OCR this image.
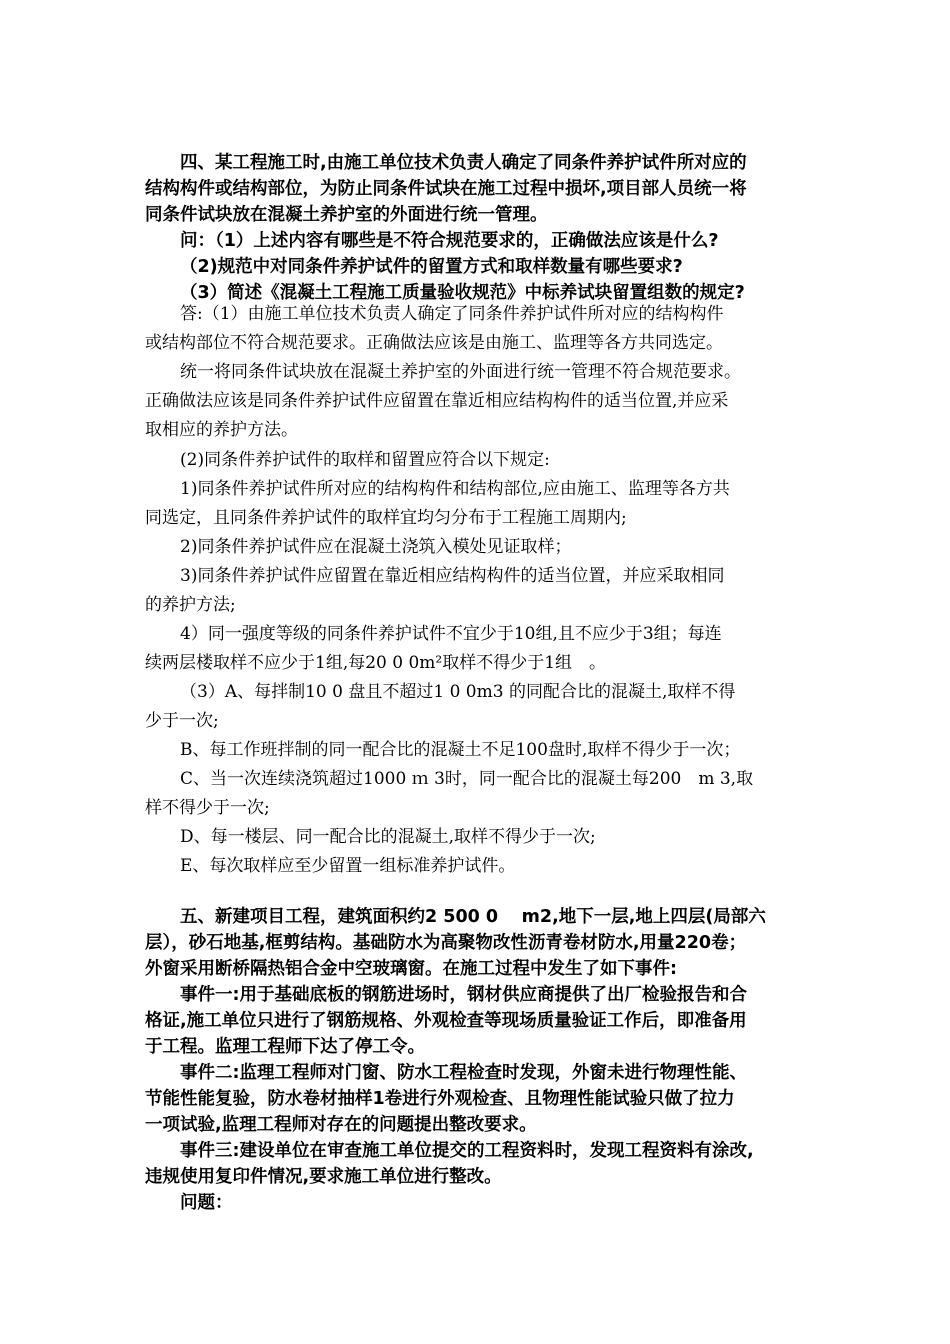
四、某工程施工时,由施工单位技术负责人确定了同条件养护试件所对应的
结构构件或结构部位，为防止同条件试块在施工过程中损坏,项目部人员统一将
同条件试块放在混凝土养护室的外面进行统一管理。
问：（1）上述内容有哪些是不符合规范要求的，正确做法应该是什么?
（2)规范中对同条件养护试件的留置方式和取样数量有哪些要求?
（3）简述《混凝土工程施工质量验收规范》中标养试块留置组数的规定?
答:（1）由施工单位技术负责人确定了同条件养护试件所对应的结构构件
或结构部位不符合规范要求。正确做法应该是由施工、监理等各方共同选定。
统一将同条件试块放在混凝土养护室的外面进行统一管理不符合规范要求。
正确做法应该是同条件养护试件应留置在靠近相应结构构件的适当位置,并应采
取相应的养护方法。
(2)同条件养护试件的取样和留置应符合以下规定:
1)同条件养护试件所对应的结构构件和结构部位,应由施工、监理等各方共
同选定，且同条件养护试件的取样宜均匀分布于工程施工周期内;
2)同条件养护试件应在混凝土浇筑入模处见证取样；
3)同条件养护试件应留置在靠近相应结构构件的适当位置，并应采取相同
的养护方法;
4）同一强度等级的同条件养护试件不宜少于10组,且不应少于3组；每连
续两层楼取样不应少于1组,每20 0 0m²取样不得少于1组　。
（3）A、每拌制10 0 盘且不超过1 0 0m3 的同配合比的混凝土,取样不得
少于一次;
B、每工作班拌制的同一配合比的混凝土不足100盘时,取样不得少于一次；
C、当一次连续浇筑超过1000 ｍ 3时，同一配合比的混凝土每200　m 3,取
样不得少于一次;
D、每一楼层、同一配合比的混凝土,取样不得少于一次;
E、每次取样应至少留置一组标准养护试件。
五、新建项目工程，建筑面积约2 500 0　 m2,地下一层,地上四层(局部六
层），砂石地基,框剪结构。基础防水为高聚物改性沥青卷材防水,用量220卷；
外窗采用断桥隔热铝合金中空玻璃窗。在施工过程中发生了如下事件:
事件一:用于基础底板的钢筋进场时，钢材供应商提供了出厂检验报告和合
格证,施工单位只进行了钢筋规格、外观检查等现场质量验证工作后，即准备用
于工程。监理工程师下达了停工令。
事件二:监理工程师对门窗、防水工程检查时发现，外窗未进行物理性能、
节能性能复验，防水卷材抽样1卷进行外观检查、且物理性能试验只做了拉力
一项试验,监理工程师对存在的问题提出整改要求。
事件三:建设单位在审查施工单位提交的工程资料时，发现工程资料有涂改,
违规使用复印件情况,要求施工单位进行整改。
问题：
